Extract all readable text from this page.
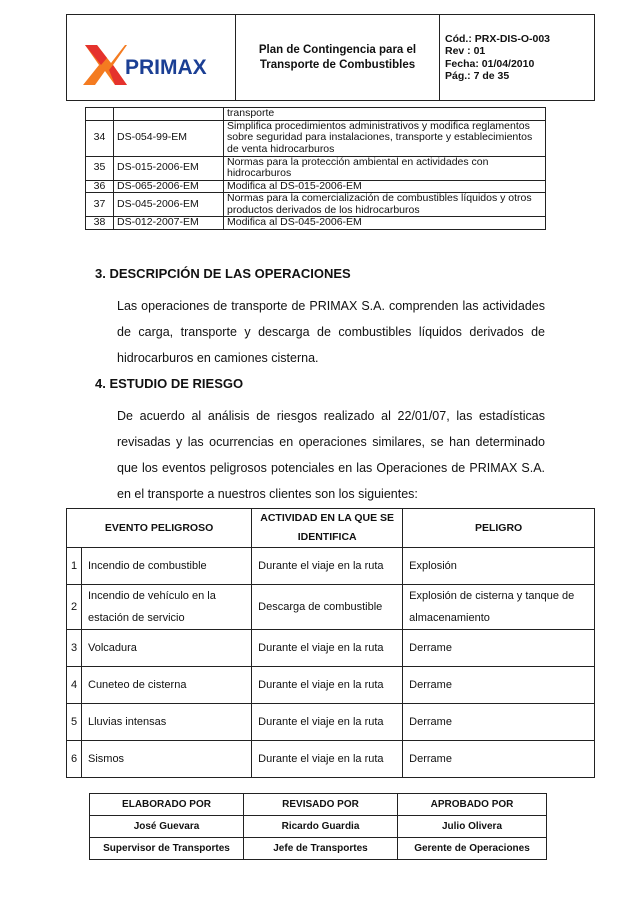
PRIMAX

Plan de Contingencia para el
Transporte de Combustibles

Cód.: PRX-DIS-O-003
Rev : 01
Fecha: 01/04/2010
Pág.: 7 de 35
		transporte
34	DS-054-99-EM	Simplifica procedimientos administrativos y modifica reglamentos sobre seguridad para instalaciones, transporte y establecimientos de venta hidrocarburos
35	DS-015-2006-EM	Normas para la protección ambiental en actividades con hidrocarburos
36	DS-065-2006-EM	Modifica al DS-015-2006-EM
37	DS-045-2006-EM	Normas para la comercialización de combustibles líquidos y otros productos derivados de los hidrocarburos
38	DS-012-2007-EM	Modifica al DS-045-2006-EM
3. DESCRIPCIÓN DE LAS OPERACIONES
Las operaciones de transporte de PRIMAX S.A. comprenden las actividades de carga, transporte y descarga de combustibles líquidos derivados de hidrocarburos en camiones cisterna.
4. ESTUDIO DE RIESGO
De acuerdo al análisis de riesgos realizado al 22/01/07, las estadísticas revisadas y las ocurrencias en operaciones similares, se han determinado que los eventos peligrosos potenciales en las Operaciones de PRIMAX S.A. en el transporte a nuestros clientes son los siguientes:
EVENTO PELIGROSO		ACTIVIDAD EN LA QUE SE IDENTIFICA	PELIGRO
1	Incendio de combustible	Durante el viaje en la ruta	Explosión
2	Incendio de vehículo en la estación de servicio	Descarga de combustible	Explosión de cisterna y tanque de almacenamiento
3	Volcadura	Durante el viaje en la ruta	Derrame
4	Cuneteo de cisterna	Durante el viaje en la ruta	Derrame
5	Lluvias intensas	Durante el viaje en la ruta	Derrame
6	Sismos	Durante el viaje en la ruta	Derrame
ELABORADO POR	REVISADO POR	APROBADO POR
José Guevara	Ricardo Guardia	Julio Olivera
Supervisor de Transportes	Jefe de Transportes	Gerente de Operaciones
